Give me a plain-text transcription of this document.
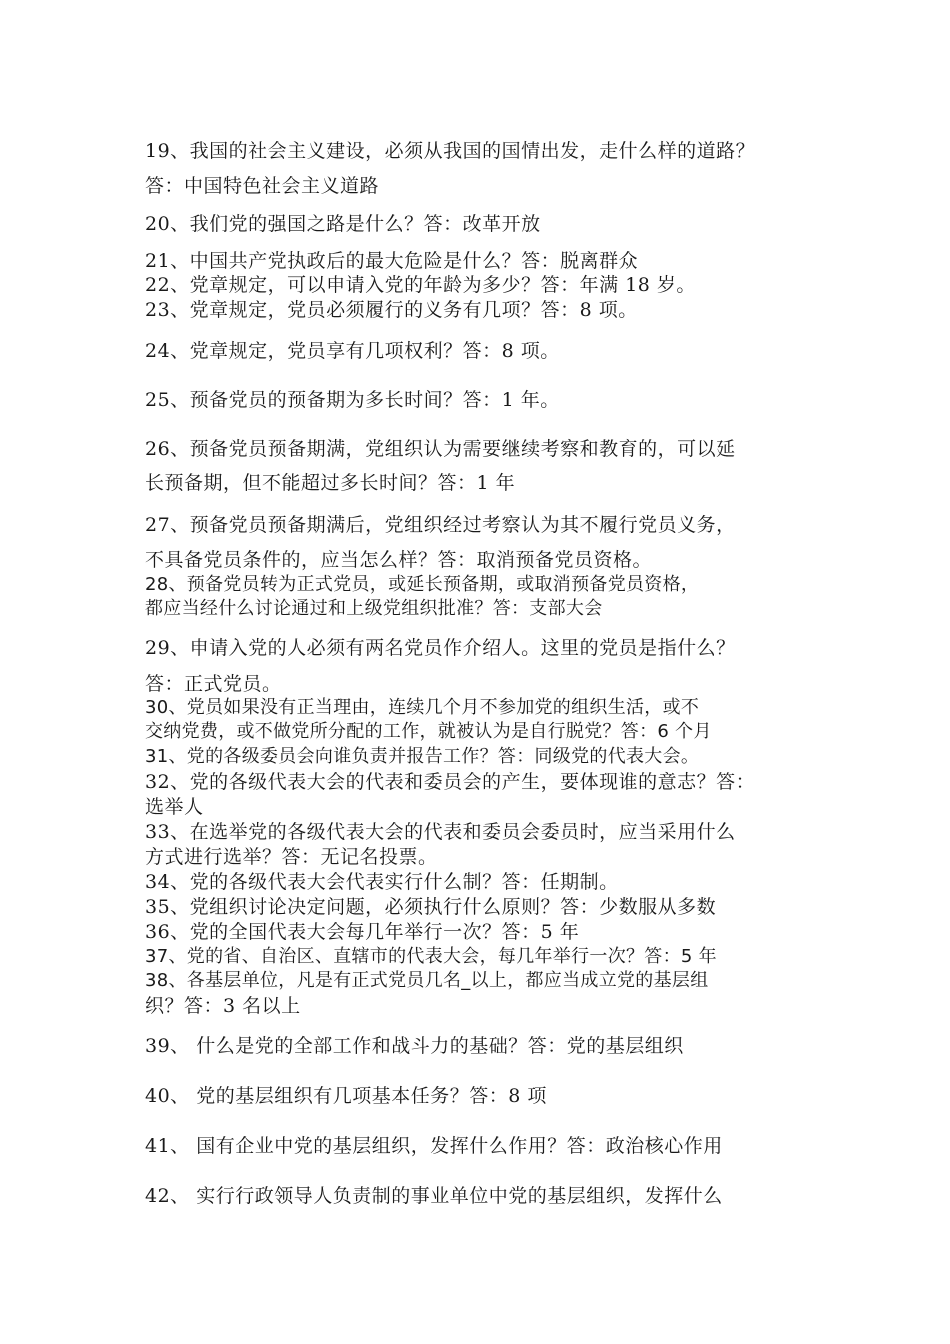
19、我国的社会主义建设，必须从我国的国情出发，走什么样的道路？
答：中国特色社会主义道路
20、我们党的强国之路是什么？答：改革开放
21、中国共产党执政后的最大危险是什么？答：脱离群众
22、党章规定，可以申请入党的年龄为多少？答：年满 18 岁。
23、党章规定，党员必须履行的义务有几项？答：8 项。
24、党章规定，党员享有几项权利？答：8 项。
25、预备党员的预备期为多长时间？答：1 年。
26、预备党员预备期满，党组织认为需要继续考察和教育的，可以延
长预备期，但不能超过多长时间？答：1 年
27、预备党员预备期满后，党组织经过考察认为其不履行党员义务，
不具备党员条件的，应当怎么样？答：取消预备党员资格。
28、预备党员转为正式党员，或延长预备期，或取消预备党员资格，
都应当经什么讨论通过和上级党组织批准？答：支部大会
29、申请入党的人必须有两名党员作介绍人。这里的党员是指什么？
答：正式党员。
30、党员如果没有正当理由，连续几个月不参加党的组织生活，或不
交纳党费，或不做党所分配的工作，就被认为是自行脱党？答：6 个月
31、党的各级委员会向谁负责并报告工作？答：同级党的代表大会。
32、党的各级代表大会的代表和委员会的产生，要体现谁的意志？答：
选举人
33、在选举党的各级代表大会的代表和委员会委员时，应当采用什么
方式进行选举？答：无记名投票。
34、党的各级代表大会代表实行什么制？答：任期制。
35、党组织讨论决定问题，必须执行什么原则？答：少数服从多数
36、党的全国代表大会每几年举行一次？答：5 年
37、党的省、自治区、直辖市的代表大会，每几年举行一次？答：5 年
38、各基层单位，凡是有正式党员几名_以上，都应当成立党的基层组
织？答：3 名以上
39、 什么是党的全部工作和战斗力的基础？答：党的基层组织
40、 党的基层组织有几项基本任务？答：8 项
41、 国有企业中党的基层组织，发挥什么作用？答：政治核心作用
42、 实行行政领导人负责制的事业单位中党的基层组织，发挥什么
